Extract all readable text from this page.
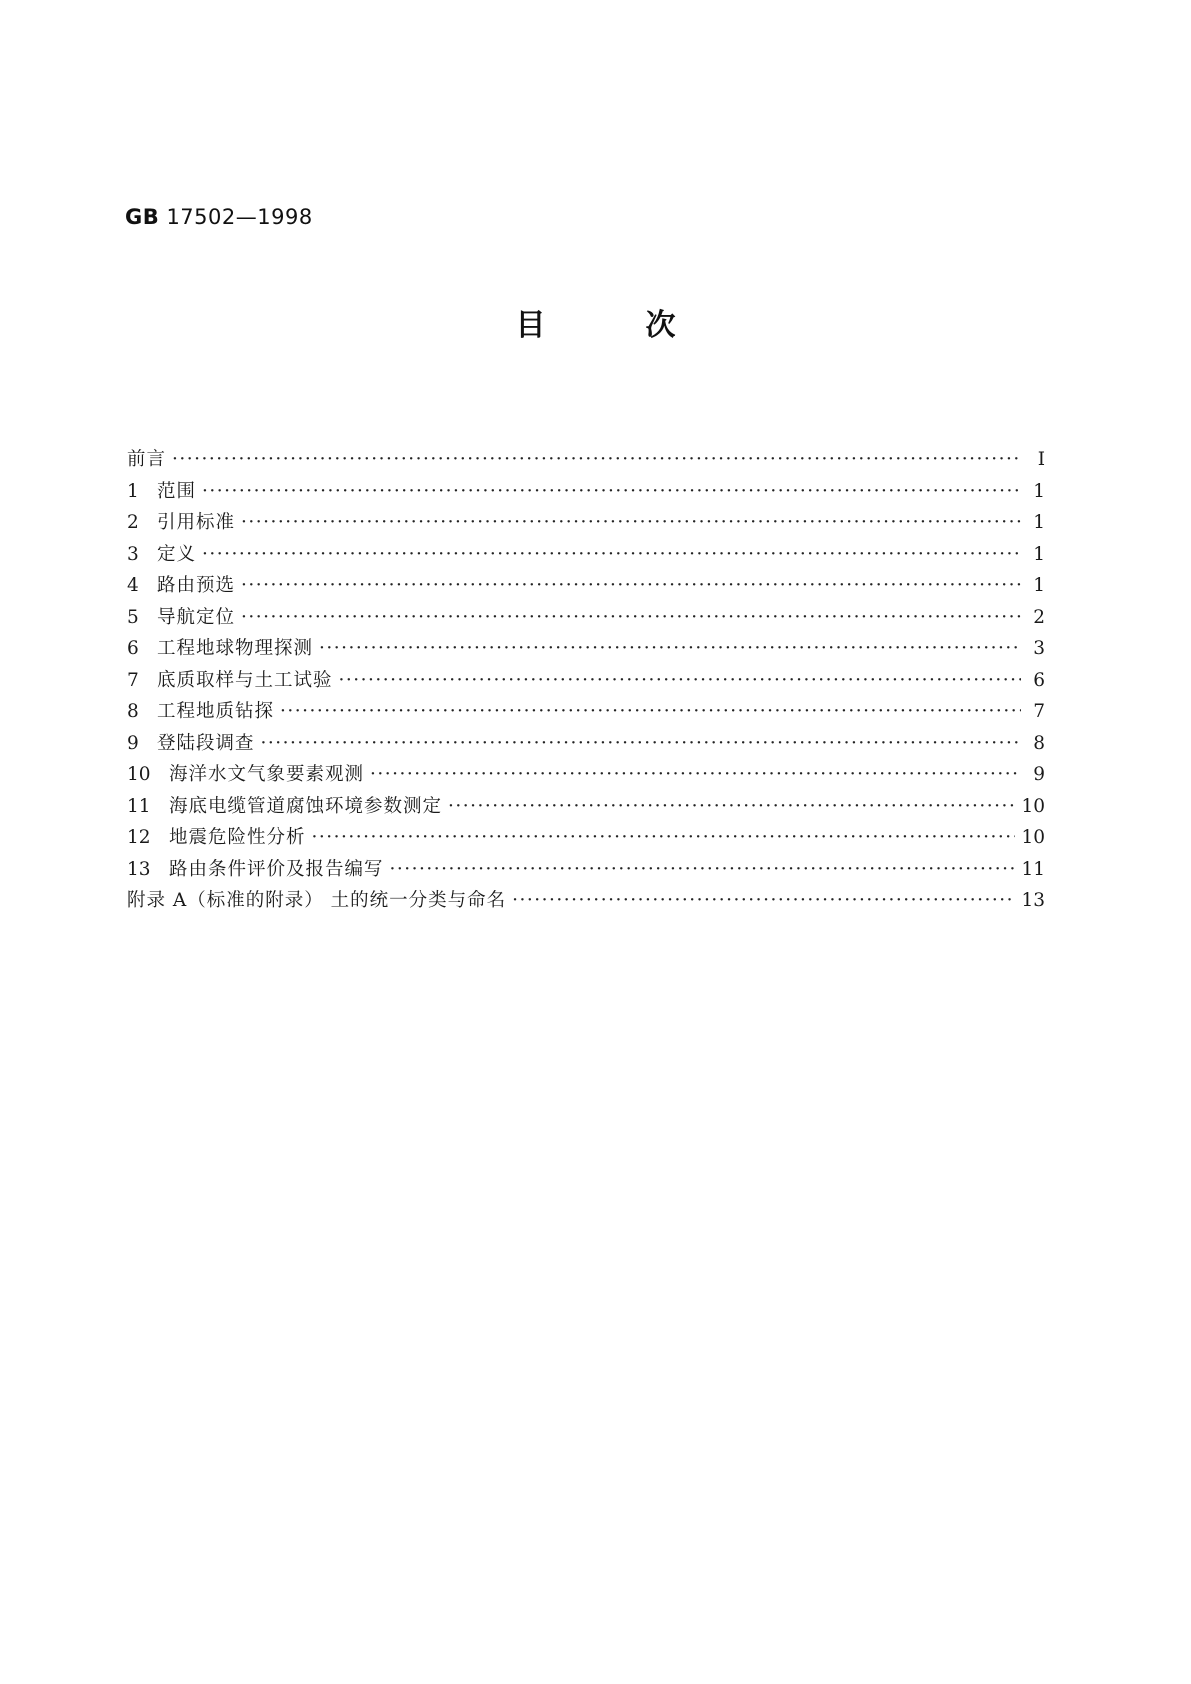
GB 17502—1998
目	次
前言 ·····	I
1 范围 ·····	1
2 引用标准 ·····	1
3 定义 ·····	1
4 路由预选 ·····	1
5 导航定位 ·····	2
6 工程地球物理探测 ·····	3
7 底质取样与土工试验 ·····	6
8 工程地质钻探 ·····	7
9 登陆段调查 ·····	8
10 海洋水文气象要素观测 ·····	9
11 海底电缆管道腐蚀环境参数测定 ·····	10
12 地震危险性分析 ·····	10
13 路由条件评价及报告编写 ·····	11
附录 A（标准的附录） 土的统一分类与命名 ·····	13
